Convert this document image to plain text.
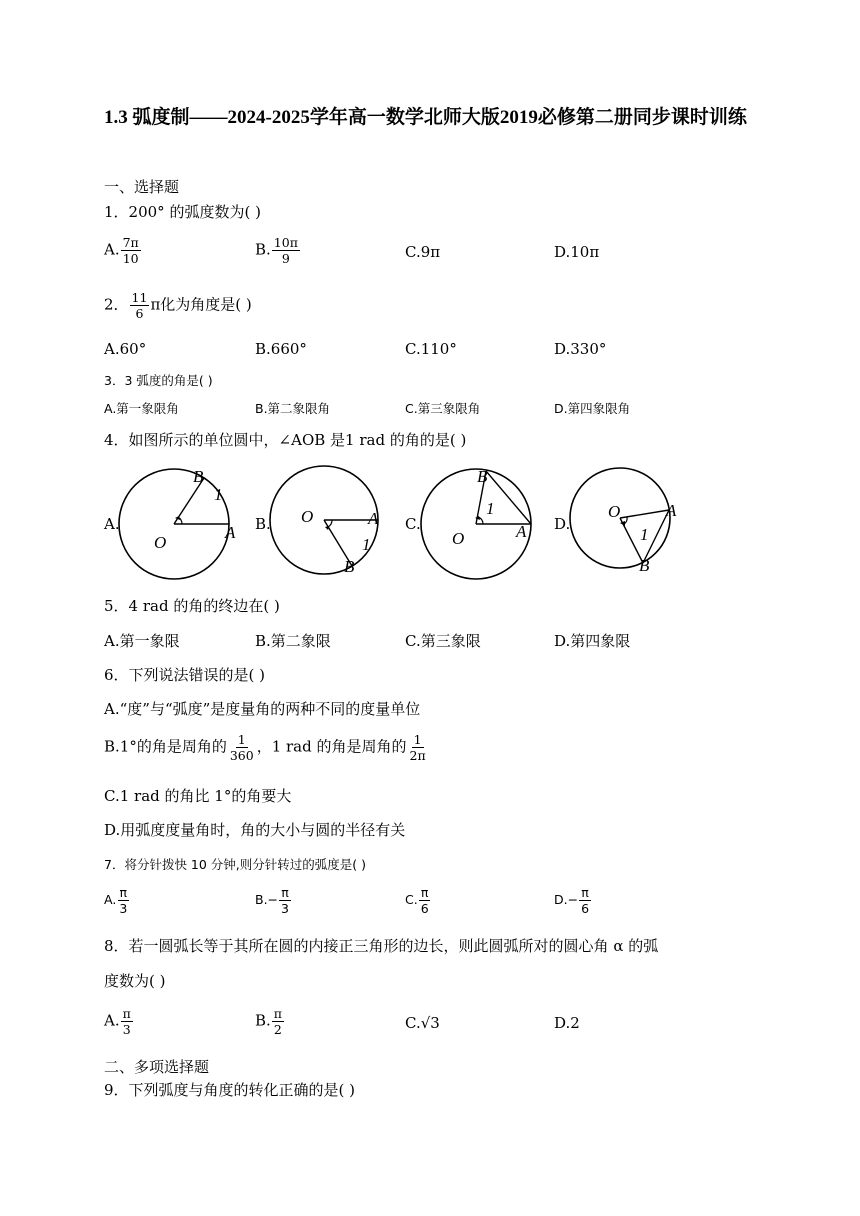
1.3 弧度制——2024-2025学年高一数学北师大版2019必修第二册同步课时训练
一、选择题
1．200° 的弧度数为( )
A. $\frac{7\pi}{10}$	B. $\frac{10\pi}{9}$	C.9π	D.10π
2． $\frac{11}{6}$ π化为角度是( )
A.60°	B.660°	C.110°	D.330°
3．3 弧度的角是( )
A.第一象限角	B.第二象限角	C.第三象限角	D.第四象限角
4．如图所示的单位圆中，∠AOB 是1 rad 的角的是( )
A.
O
A
B
1
B. O	A
B
1
C.
O	A
B
1
D.
O	A
B
1
5．4 rad 的角的终边在( )
A.第一象限	B.第二象限	C.第三象限	D.第四象限
6．下列说法错误的是( )
A.“度”与“弧度”是度量角的两种不同的度量单位
B.1°的角是周角的 $\frac{1}{360}$ ，1 rad 的角是周角的 $\frac{1}{2\pi}$
C.1 rad 的角比 1°的角要大
D.用弧度度量角时，角的大小与圆的半径有关
7．将分针拨快 10 分钟,则分针转过的弧度是( )
A. $\frac{\pi}{3}$	$B.- \frac{\pi}{3}$	C. $\frac{\pi}{6}$	$D.- \frac{\pi}{6}$
8．若一圆弧长等于其所在圆的内接正三角形的边长，则此圆弧所对的圆心角 α 的弧
度数为( )
A. $\frac{\pi}{3}$	B. $\frac{\pi}{2}$	C.√3	D.2
二、多项选择题
9．下列弧度与角度的转化正确的是( )
